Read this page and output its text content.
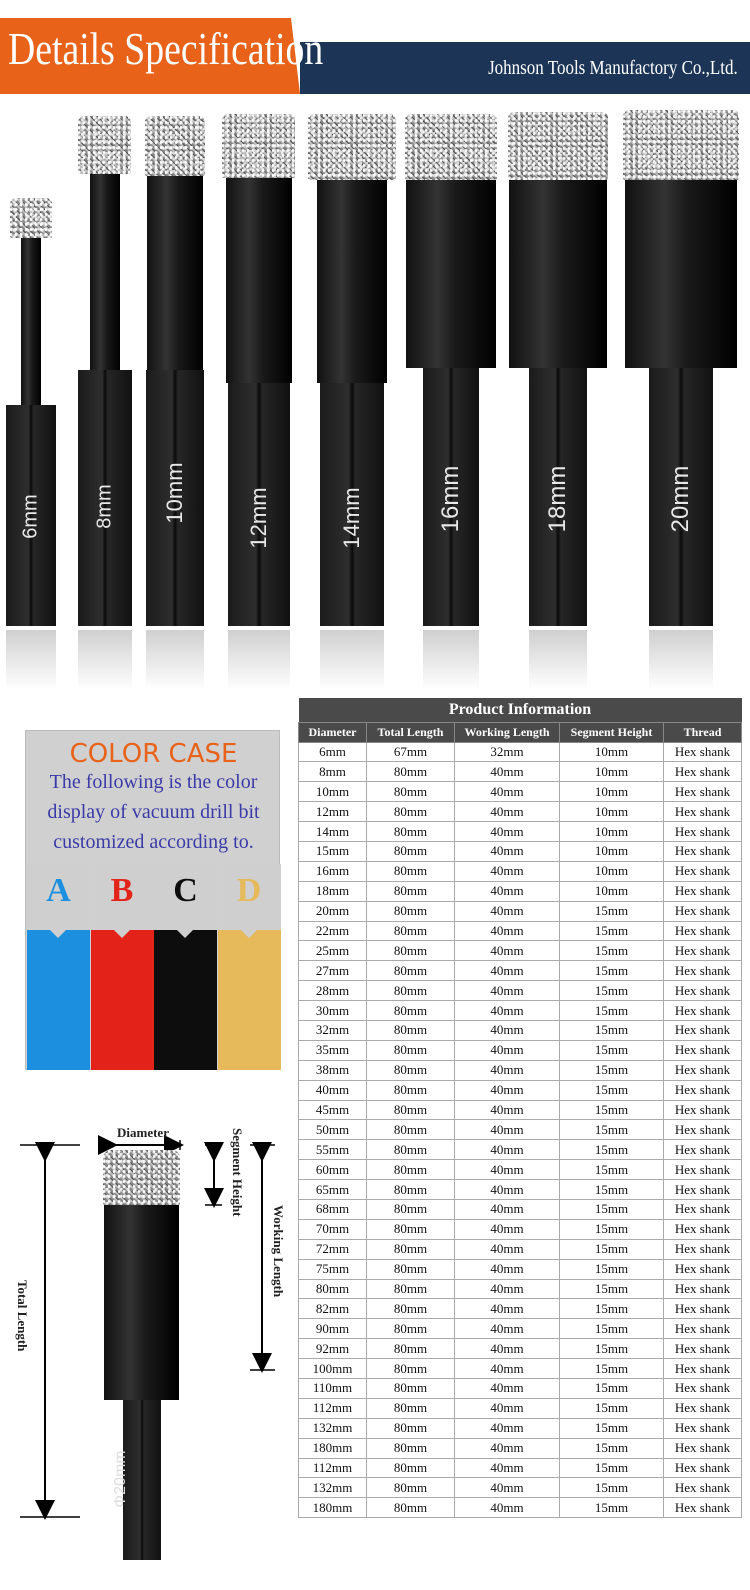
Details Specification	Johnson Tools Manufactory Co.,Ltd.
6mm	8mm 10mm	12mm	14mm	16mm	18mm	20mm
COLOR CASE
The following is the color display of vacuum drill bit customized according to.
A	B	C	D
Product Information				
Diameter	Total Length	Working Length	Segment Height	Thread
6mm	67mm	32mm	10mm	Hex shank
8mm	80mm	40mm	10mm	Hex shank
10mm	80mm	40mm	10mm	Hex shank
12mm	80mm	40mm	10mm	Hex shank
14mm	80mm	40mm	10mm	Hex shank
15mm	80mm	40mm	10mm	Hex shank
16mm	80mm	40mm	10mm	Hex shank
18mm	80mm	40mm	10mm	Hex shank
20mm	80mm	40mm	15mm	Hex shank
22mm	80mm	40mm	15mm	Hex shank
25mm	80mm	40mm	15mm	Hex shank
27mm	80mm	40mm	15mm	Hex shank
28mm	80mm	40mm	15mm	Hex shank
30mm	80mm	40mm	15mm	Hex shank
32mm	80mm	40mm	15mm	Hex shank
35mm	80mm	40mm	15mm	Hex shank
38mm	80mm	40mm	15mm	Hex shank
40mm	80mm	40mm	15mm	Hex shank
45mm	80mm	40mm	15mm	Hex shank
50mm	80mm	40mm	15mm	Hex shank
55mm	80mm	40mm	15mm	Hex shank
60mm	80mm	40mm	15mm	Hex shank
65mm	80mm	40mm	15mm	Hex shank
68mm	80mm	40mm	15mm	Hex shank
70mm	80mm	40mm	15mm	Hex shank
72mm	80mm	40mm	15mm	Hex shank
75mm	80mm	40mm	15mm	Hex shank
80mm	80mm	40mm	15mm	Hex shank
82mm	80mm	40mm	15mm	Hex shank
90mm	80mm	40mm	15mm	Hex shank
92mm	80mm	40mm	15mm	Hex shank
100mm	80mm	40mm	15mm	Hex shank
110mm	80mm	40mm	15mm	Hex shank
112mm	80mm	40mm	15mm	Hex shank
132mm	80mm	40mm	15mm	Hex shank
180mm	80mm	40mm	15mm	Hex shank
112mm	80mm	40mm	15mm	Hex shank
132mm	80mm	40mm	15mm	Hex shank
180mm	80mm	40mm	15mm	Hex shank
Φ20mm
Diameter	Segment Height
Working Length
Total Length
